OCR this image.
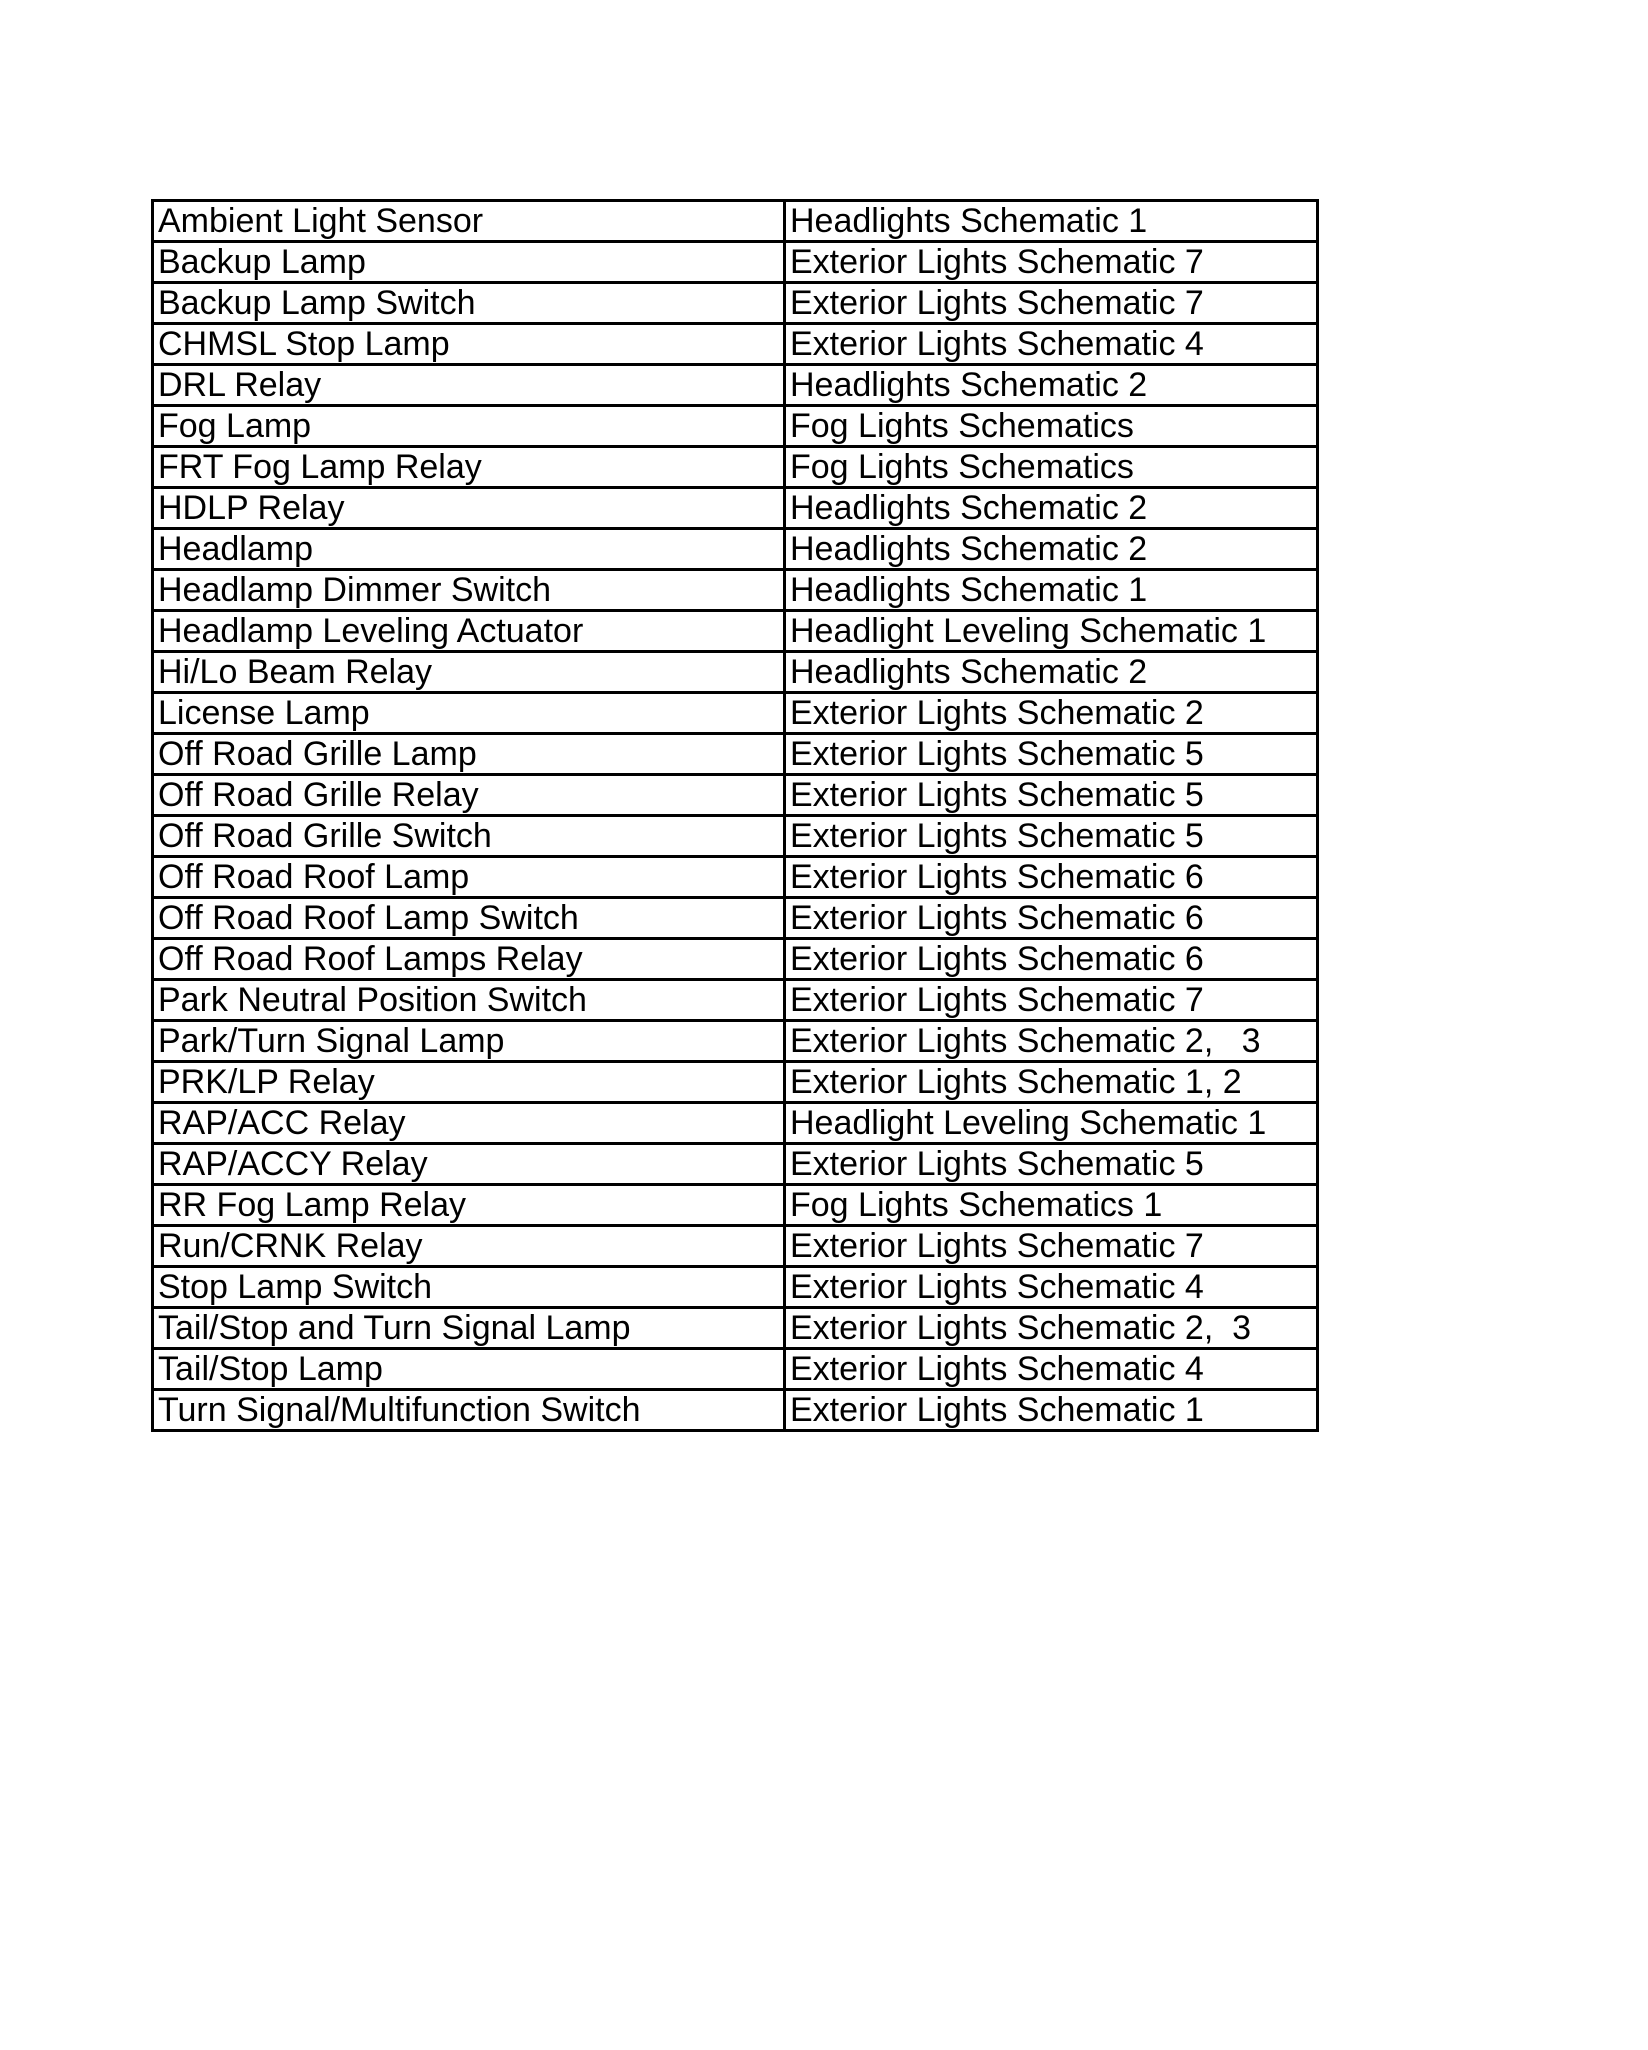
Ambient Light Sensor	Headlights Schematic 1
Backup Lamp	Exterior Lights Schematic 7
Backup Lamp Switch	Exterior Lights Schematic 7
CHMSL Stop Lamp	Exterior Lights Schematic 4
DRL Relay	Headlights Schematic 2
Fog Lamp	Fog Lights Schematics
FRT Fog Lamp Relay	Fog Lights Schematics
HDLP Relay	Headlights Schematic 2
Headlamp	Headlights Schematic 2
Headlamp Dimmer Switch	Headlights Schematic 1
Headlamp Leveling Actuator	Headlight Leveling Schematic 1
Hi/Lo Beam Relay	Headlights Schematic 2
License Lamp	Exterior Lights Schematic 2
Off Road Grille Lamp	Exterior Lights Schematic 5
Off Road Grille Relay	Exterior Lights Schematic 5
Off Road Grille Switch	Exterior Lights Schematic 5
Off Road Roof Lamp	Exterior Lights Schematic 6
Off Road Roof Lamp Switch	Exterior Lights Schematic 6
Off Road Roof Lamps Relay	Exterior Lights Schematic 6
Park Neutral Position Switch	Exterior Lights Schematic 7
Park/Turn Signal Lamp	Exterior Lights Schematic 2,   3
PRK/LP Relay	Exterior Lights Schematic 1, 2
RAP/ACC Relay	Headlight Leveling Schematic 1
RAP/ACCY Relay	Exterior Lights Schematic 5
RR Fog Lamp Relay	Fog Lights Schematics 1
Run/CRNK Relay	Exterior Lights Schematic 7
Stop Lamp Switch	Exterior Lights Schematic 4
Tail/Stop and Turn Signal Lamp	Exterior Lights Schematic 2,  3
Tail/Stop Lamp	Exterior Lights Schematic 4
Turn Signal/Multifunction Switch	Exterior Lights Schematic 1
